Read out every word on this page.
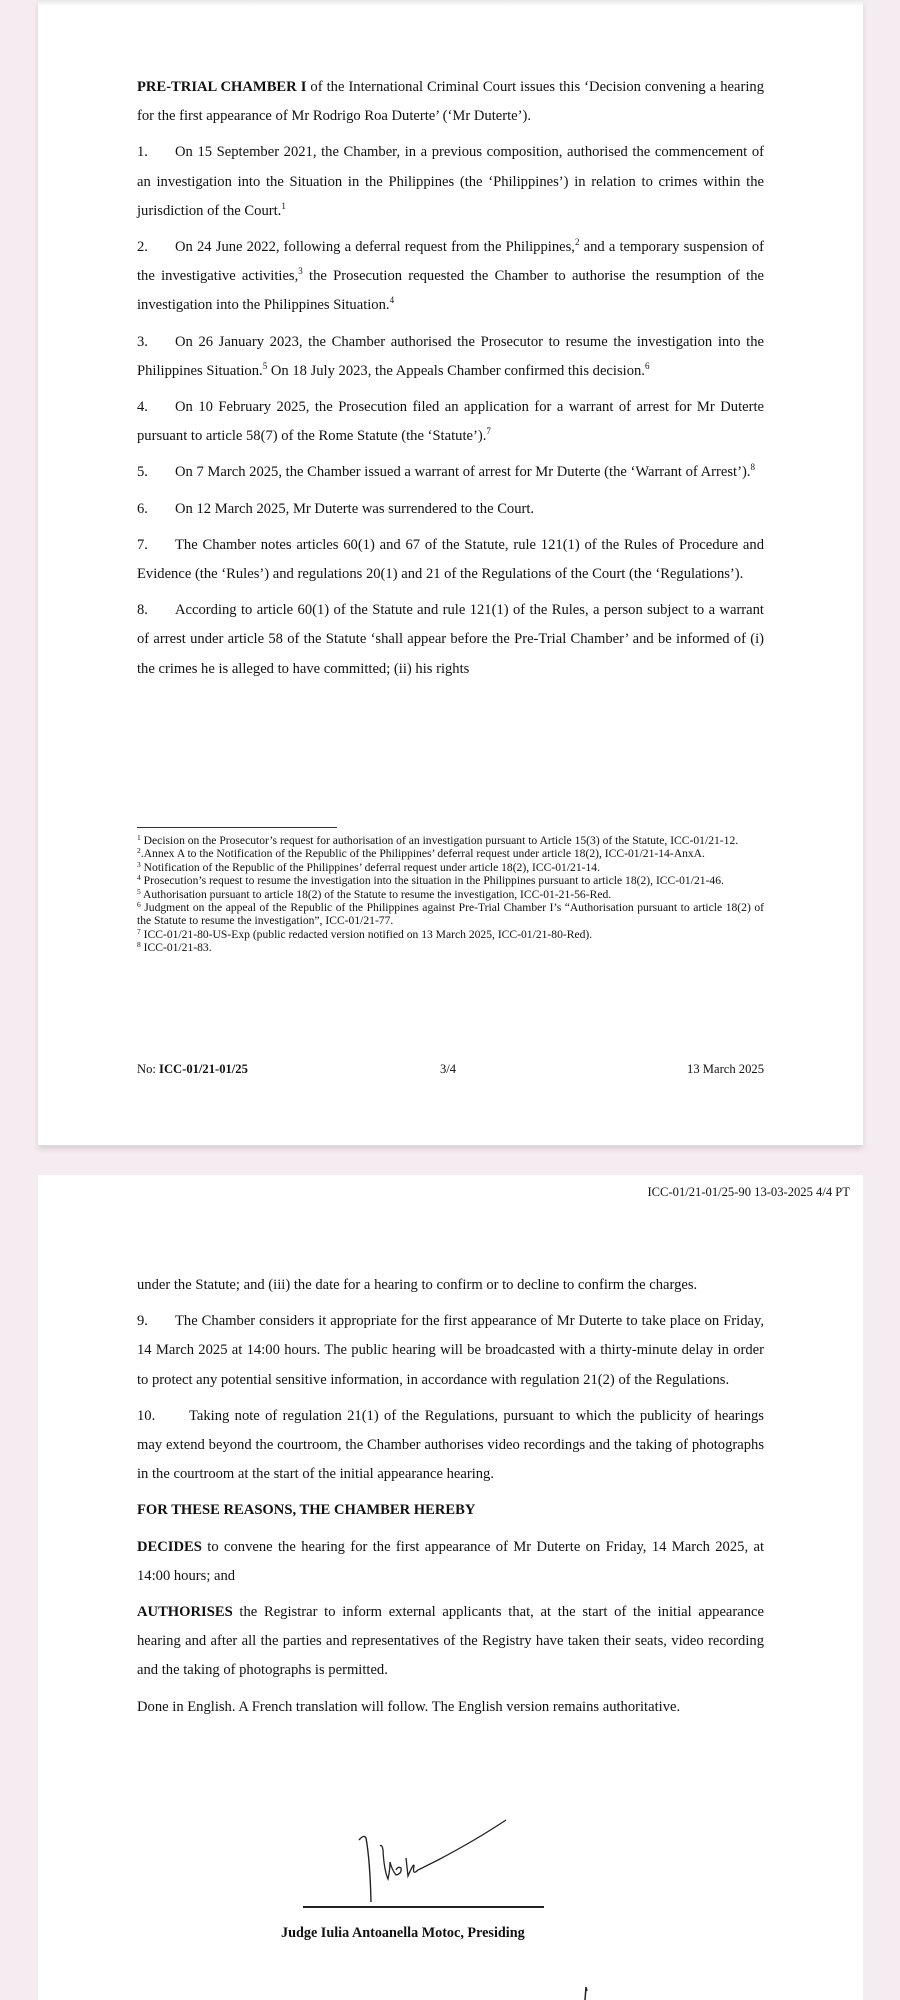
PRE-TRIAL CHAMBER I of the International Criminal Court issues this ‘Decision convening a hearing for the first appearance of Mr Rodrigo Roa Duterte’ (‘Mr Duterte’).

1. On 15 September 2021, the Chamber, in a previous composition, authorised the commencement of an investigation into the Situation in the Philippines (the ‘Philippines’) in relation to crimes within the jurisdiction of the Court.$^1$

2. On 24 June 2022, following a deferral request from the Philippines,$^2$ and a temporary suspension of the investigative activities,$^3$ the Prosecution requested the Chamber to authorise the resumption of the investigation into the Philippines Situation.$^4$

3. On 26 January 2023, the Chamber authorised the Prosecutor to resume the investigation into the Philippines Situation.$^5$ On 18 July 2023, the Appeals Chamber confirmed this decision.$^6$

4. On 10 February 2025, the Prosecution filed an application for a warrant of arrest for Mr Duterte pursuant to article 58(7) of the Rome Statute (the ‘Statute’).$^7$

5. On 7 March 2025, the Chamber issued a warrant of arrest for Mr Duterte (the ‘Warrant of Arrest’).$^8$

6. On 12 March 2025, Mr Duterte was surrendered to the Court.

7. The Chamber notes articles 60(1) and 67 of the Statute, rule 121(1) of the Rules of Procedure and Evidence (the ‘Rules’) and regulations 20(1) and 21 of the Regulations of the Court (the ‘Regulations’).

8. According to article 60(1) of the Statute and rule 121(1) of the Rules, a person subject to a warrant of arrest under article 58 of the Statute ‘shall appear before the Pre-Trial Chamber’ and be informed of (i) the crimes he is alleged to have committed; (ii) his rights

$^1$ Decision on the Prosecutor’s request for authorisation of an investigation pursuant to Article 15(3) of the Statute, ICC-01/21-12.

$^2$.Annex A to the Notification of the Republic of the Philippines’ deferral request under article 18(2), ICC-01/21-14-AnxA.

$^3$ Notification of the Republic of the Philippines’ deferral request under article 18(2), ICC-01/21-14.

$^4$ Prosecution’s request to resume the investigation into the situation in the Philippines pursuant to article 18(2), ICC-01/21-46.

$^5$ Authorisation pursuant to article 18(2) of the Statute to resume the investigation, ICC-01-21-56-Red.

$^6$ Judgment on the appeal of the Republic of the Philippines against Pre-Trial Chamber I’s “Authorisation pursuant to article 18(2) of the Statute to resume the investigation”, ICC-01/21-77.

$^7$ ICC-01/21-80-US-Exp (public redacted version notified on 13 March 2025, ICC-01/21-80-Red).

$^8$ ICC-01/21-83.

No: ICC-01/21-01/25	3/4	13 March 2025
ICC-01/21-01/25-90 13-03-2025 4/4 PT

under the Statute; and (iii) the date for a hearing to confirm or to decline to confirm the charges.

9. The Chamber considers it appropriate for the first appearance of Mr Duterte to take place on Friday, 14 March 2025 at 14:00 hours. The public hearing will be broadcasted with a thirty-minute delay in order to protect any potential sensitive information, in accordance with regulation 21(2) of the Regulations.

10. Taking note of regulation 21(1) of the Regulations, pursuant to which the publicity of hearings may extend beyond the courtroom, the Chamber authorises video recordings and the taking of photographs in the courtroom at the start of the initial appearance hearing.

FOR THESE REASONS, THE CHAMBER HEREBY

DECIDES to convene the hearing for the first appearance of Mr Duterte on Friday, 14 March 2025, at 14:00 hours; and

AUTHORISES the Registrar to inform external applicants that, at the start of the initial appearance hearing and after all the parties and representatives of the Registry have taken their seats, video recording and the taking of photographs is permitted.

Done in English. A French translation will follow. The English version remains authoritative.

Judge Iulia Antoanella Motoc, Presiding
